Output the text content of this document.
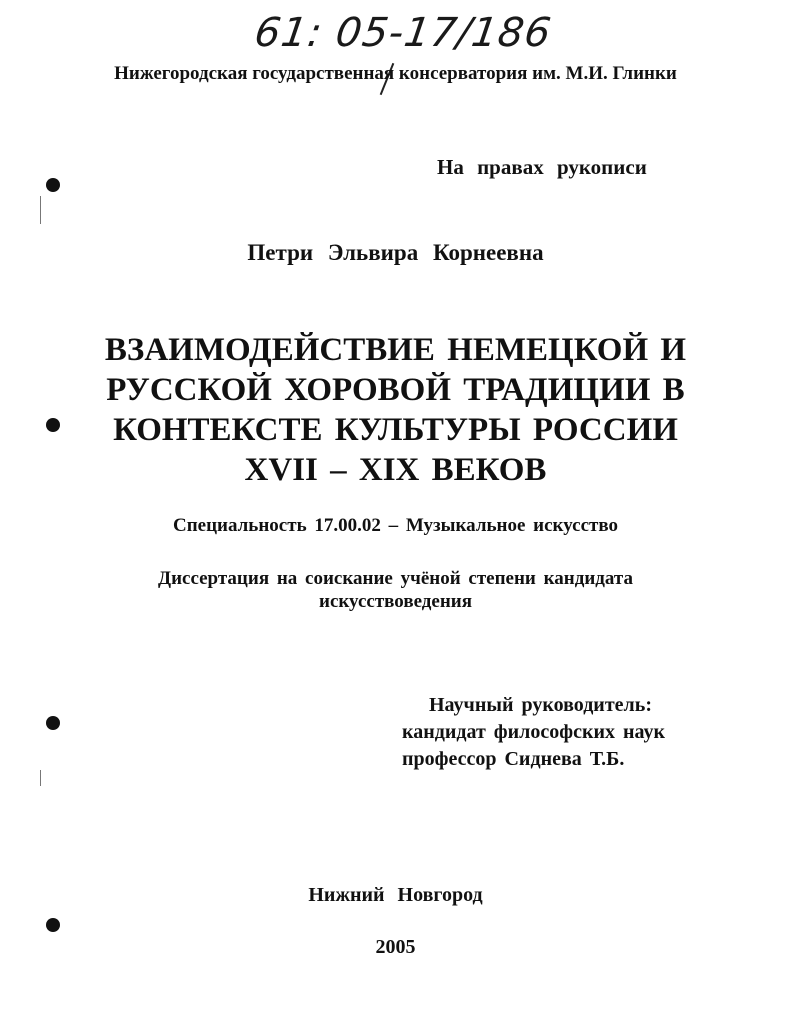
61: 05-17/186
Нижегородская государственная консерватория им. М.И. Глинки
На правах рукописи
Петри Эльвира Корнеевна
ВЗАИМОДЕЙСТВИЕ НЕМЕЦКОЙ И
РУССКОЙ ХОРОВОЙ ТРАДИЦИИ В
КОНТЕКСТЕ КУЛЬТУРЫ РОССИИ
XVII – XIX ВЕКОВ
Специальность 17.00.02 – Музыкальное искусство
Диссертация на соискание учёной степени кандидата
искусствоведения
Научный руководитель:
кандидат философских наук
профессор Сиднева Т.Б.
Нижний Новгород
2005
